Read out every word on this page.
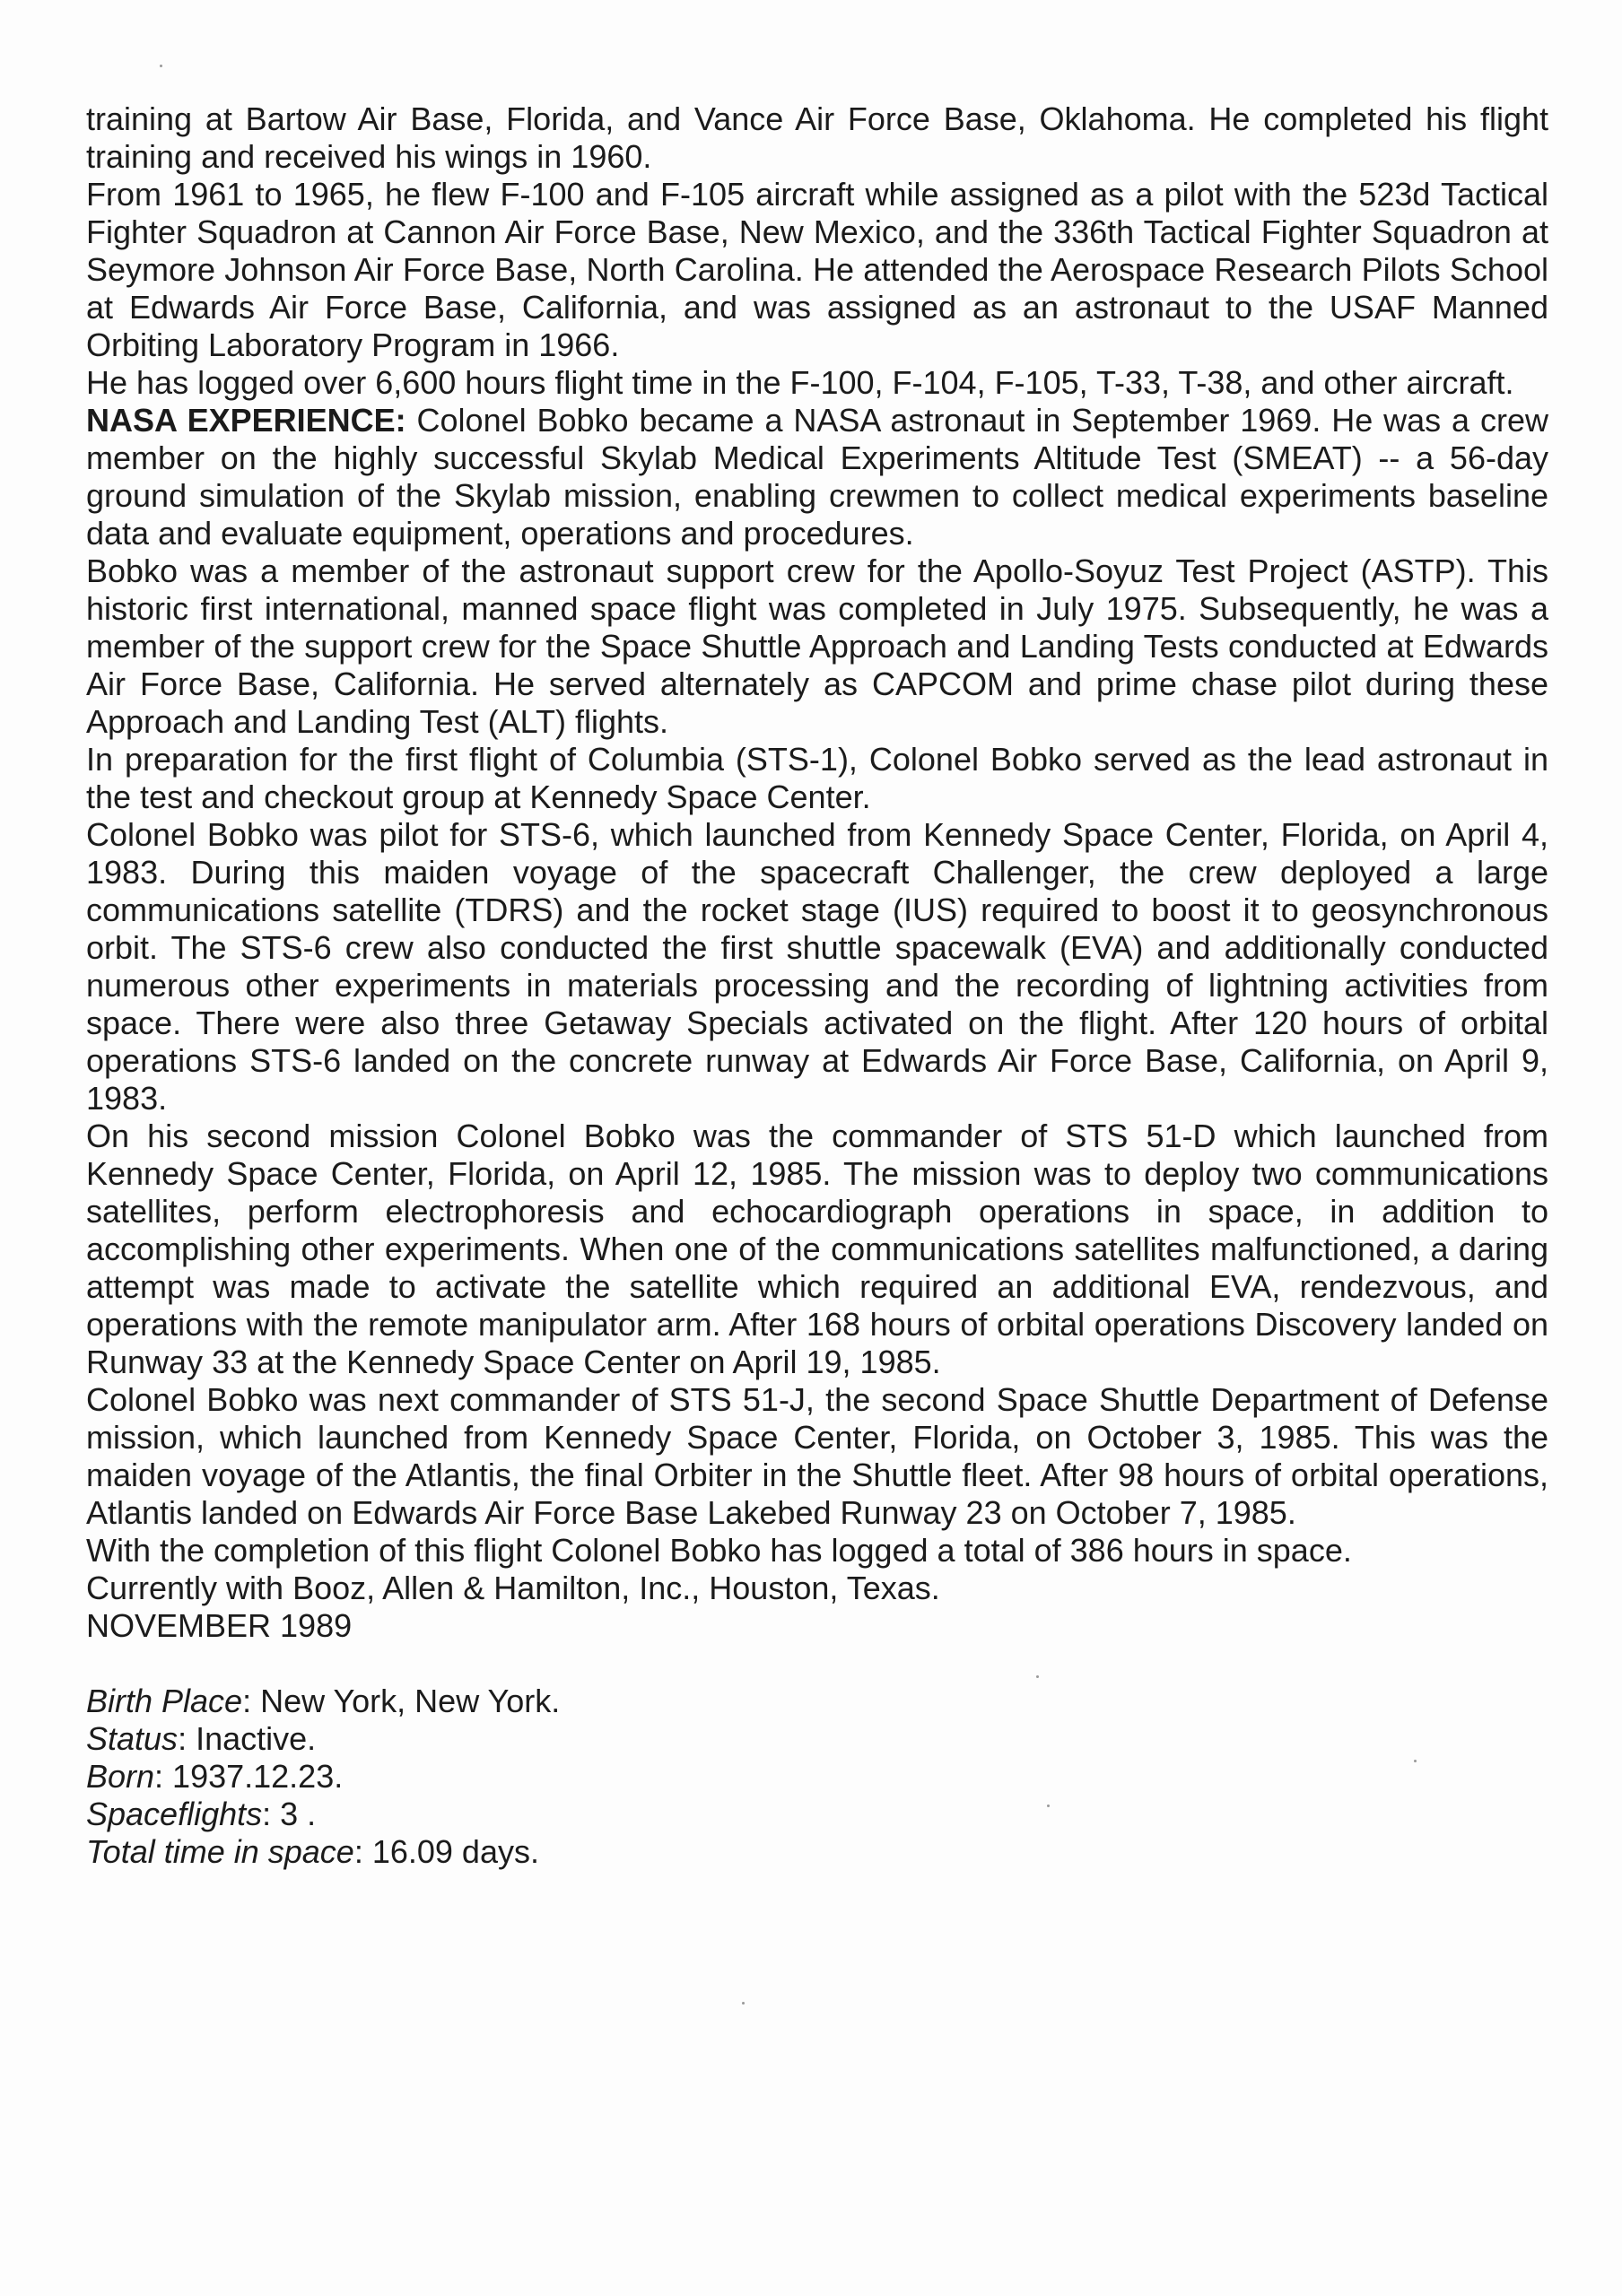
training at Bartow Air Base, Florida, and Vance Air Force Base, Oklahoma. He completed his flight training and received his wings in 1960.

From 1961 to 1965, he flew F-100 and F-105 aircraft while assigned as a pilot with the 523d Tactical Fighter Squadron at Cannon Air Force Base, New Mexico, and the 336th Tactical Fighter Squadron at Seymore Johnson Air Force Base, North Carolina. He attended the Aerospace Research Pilots School at Edwards Air Force Base, California, and was assigned as an astronaut to the USAF Manned Orbiting Laboratory Program in 1966.

He has logged over 6,600 hours flight time in the F-100, F-104, F-105, T-33, T-38, and other aircraft.

NASA EXPERIENCE: Colonel Bobko became a NASA astronaut in September 1969. He was a crew member on the highly successful Skylab Medical Experiments Altitude Test (SMEAT) -- a 56-day ground simulation of the Skylab mission, enabling crewmen to collect medical experiments baseline data and evaluate equipment, operations and procedures.

Bobko was a member of the astronaut support crew for the Apollo-Soyuz Test Project (ASTP). This historic first international, manned space flight was completed in July 1975. Subsequently, he was a member of the support crew for the Space Shuttle Approach and Landing Tests conducted at Edwards Air Force Base, California. He served alternately as CAPCOM and prime chase pilot during these Approach and Landing Test (ALT) flights.

In preparation for the first flight of Columbia (STS-1), Colonel Bobko served as the lead astronaut in the test and checkout group at Kennedy Space Center.

Colonel Bobko was pilot for STS-6, which launched from Kennedy Space Center, Florida, on April 4, 1983. During this maiden voyage of the spacecraft Challenger, the crew deployed a large communications satellite (TDRS) and the rocket stage (IUS) required to boost it to geosynchronous orbit. The STS-6 crew also conducted the first shuttle spacewalk (EVA) and additionally conducted numerous other experiments in materials processing and the recording of lightning activities from space. There were also three Getaway Specials activated on the flight. After 120 hours of orbital operations STS-6 landed on the concrete runway at Edwards Air Force Base, California, on April 9, 1983.

On his second mission Colonel Bobko was the commander of STS 51-D which launched from Kennedy Space Center, Florida, on April 12, 1985. The mission was to deploy two communications satellites, perform electrophoresis and echocardiograph operations in space, in addition to accomplishing other experiments. When one of the communications satellites malfunctioned, a daring attempt was made to activate the satellite which required an additional EVA, rendezvous, and operations with the remote manipulator arm. After 168 hours of orbital operations Discovery landed on Runway 33 at the Kennedy Space Center on April 19, 1985.

Colonel Bobko was next commander of STS 51-J, the second Space Shuttle Department of Defense mission, which launched from Kennedy Space Center, Florida, on October 3, 1985. This was the maiden voyage of the Atlantis, the final Orbiter in the Shuttle fleet. After 98 hours of orbital operations, Atlantis landed on Edwards Air Force Base Lakebed Runway 23 on October 7, 1985.

With the completion of this flight Colonel Bobko has logged a total of 386 hours in space.

Currently with Booz, Allen & Hamilton, Inc., Houston, Texas.

NOVEMBER 1989

Birth Place: New York, New York.

Status: Inactive.

Born: 1937.12.23.

Spaceflights: 3 .

Total time in space: 16.09 days.
